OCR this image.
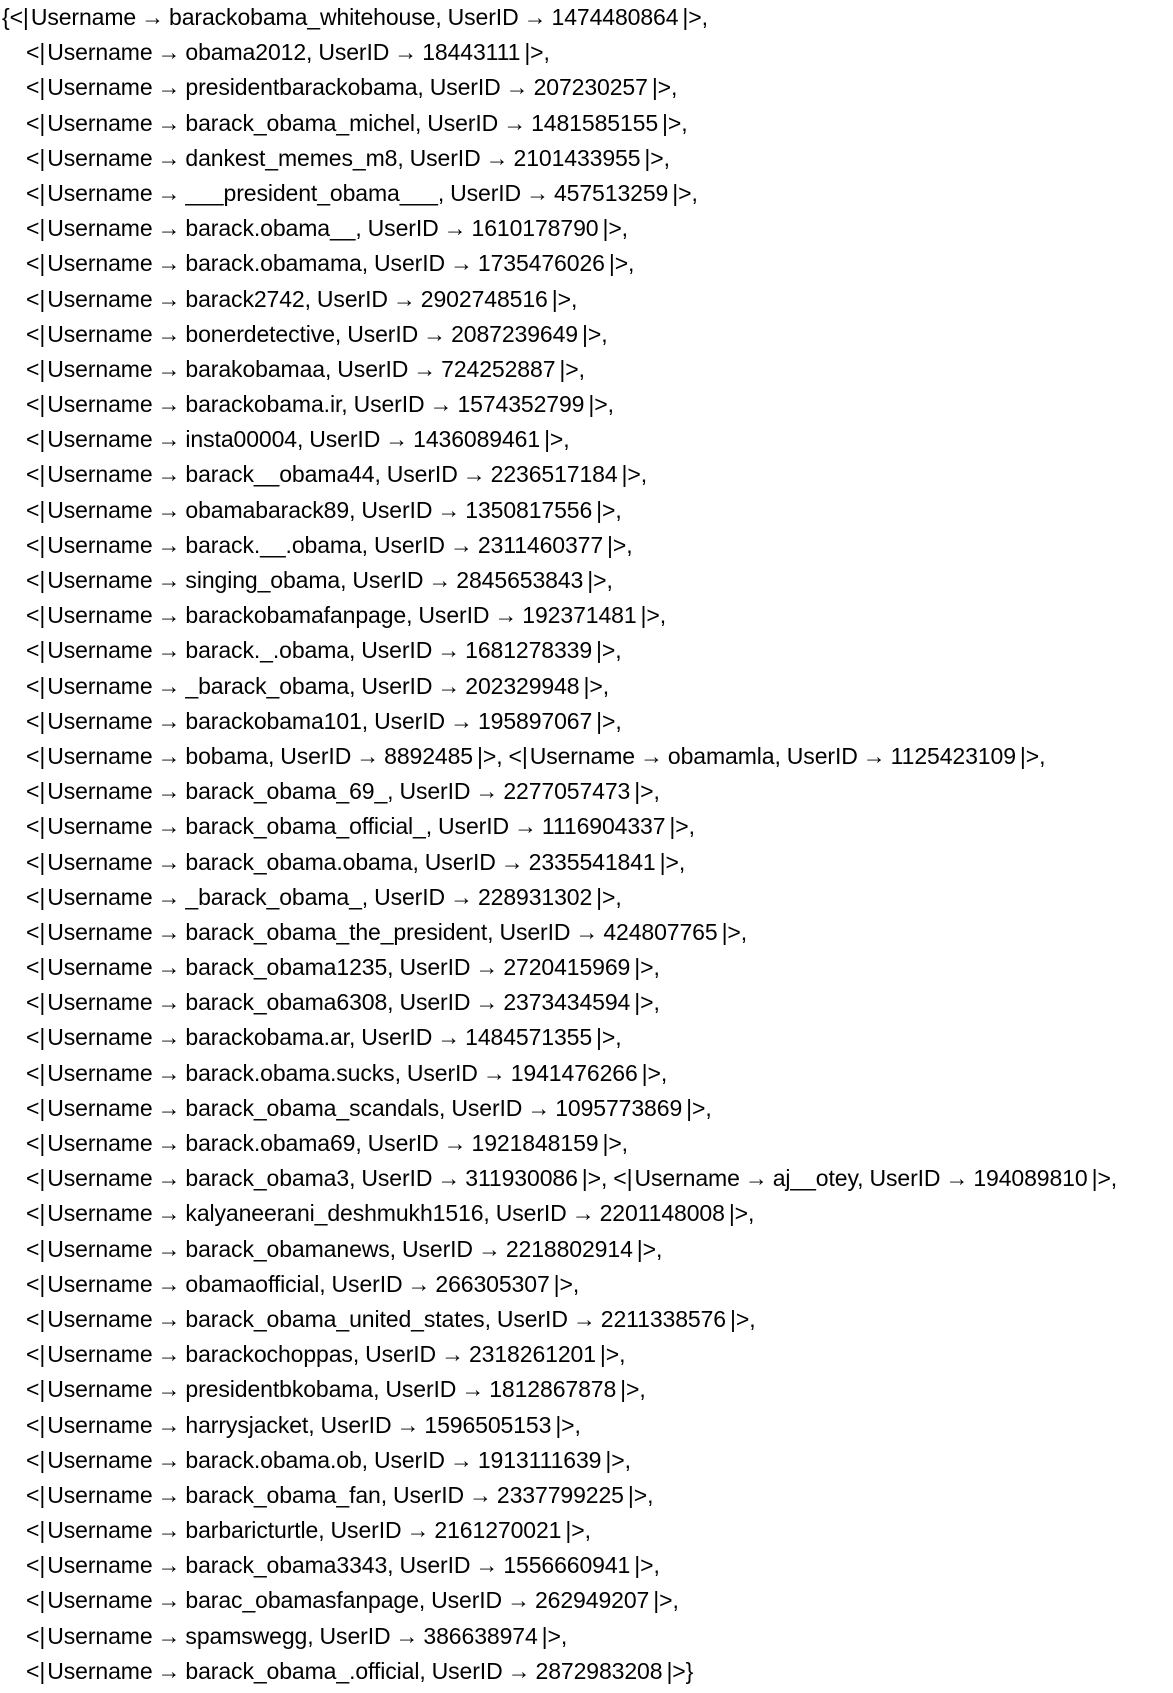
{<|Username → barackobama_whitehouse, UserID → 1474480864 |>,
<|Username → obama2012, UserID → 18443111 |>,
<|Username → presidentbarackobama, UserID → 207230257 |>,
<|Username → barack_obama_michel, UserID → 1481585155 |>,
<|Username → dankest_memes_m8, UserID → 2101433955 |>,
<|Username → ___president_obama___, UserID → 457513259 |>,
<|Username → barack.obama__, UserID → 1610178790 |>,
<|Username → barack.obamama, UserID → 1735476026 |>,
<|Username → barack2742, UserID → 2902748516 |>,
<|Username → bonerdetective, UserID → 2087239649 |>,
<|Username → barakobamaa, UserID → 724252887 |>,
<|Username → barackobama.ir, UserID → 1574352799 |>,
<|Username → insta00004, UserID → 1436089461 |>,
<|Username → barack__obama44, UserID → 2236517184 |>,
<|Username → obamabarack89, UserID → 1350817556 |>,
<|Username → barack.__.obama, UserID → 2311460377 |>,
<|Username → singing_obama, UserID → 2845653843 |>,
<|Username → barackobamafanpage, UserID → 192371481 |>,
<|Username → barack._.obama, UserID → 1681278339 |>,
<|Username → _barack_obama, UserID → 202329948 |>,
<|Username → barackobama101, UserID → 195897067 |>,
<|Username → bobama, UserID → 8892485 |>, <|Username → obamamla, UserID → 1125423109 |>,
<|Username → barack_obama_69_, UserID → 2277057473 |>,
<|Username → barack_obama_official_, UserID → 1116904337 |>,
<|Username → barack_obama.obama, UserID → 2335541841 |>,
<|Username → _barack_obama_, UserID → 228931302 |>,
<|Username → barack_obama_the_president, UserID → 424807765 |>,
<|Username → barack_obama1235, UserID → 2720415969 |>,
<|Username → barack_obama6308, UserID → 2373434594 |>,
<|Username → barackobama.ar, UserID → 1484571355 |>,
<|Username → barack.obama.sucks, UserID → 1941476266 |>,
<|Username → barack_obama_scandals, UserID → 1095773869 |>,
<|Username → barack.obama69, UserID → 1921848159 |>,
<|Username → barack_obama3, UserID → 311930086 |>, <|Username → aj__otey, UserID → 194089810 |>,
<|Username → kalyaneerani_deshmukh1516, UserID → 2201148008 |>,
<|Username → barack_obamanews, UserID → 2218802914 |>,
<|Username → obamaofficial, UserID → 266305307 |>,
<|Username → barack_obama_united_states, UserID → 2211338576 |>,
<|Username → barackochoppas, UserID → 2318261201 |>,
<|Username → presidentbkobama, UserID → 1812867878 |>,
<|Username → harrysjacket, UserID → 1596505153 |>,
<|Username → barack.obama.ob, UserID → 1913111639 |>,
<|Username → barack_obama_fan, UserID → 2337799225 |>,
<|Username → barbaricturtle, UserID → 2161270021 |>,
<|Username → barack_obama3343, UserID → 1556660941 |>,
<|Username → barac_obamasfanpage, UserID → 262949207 |>,
<|Username → spamswegg, UserID → 386638974 |>,
<|Username → barack_obama_.official, UserID → 2872983208 |>}
